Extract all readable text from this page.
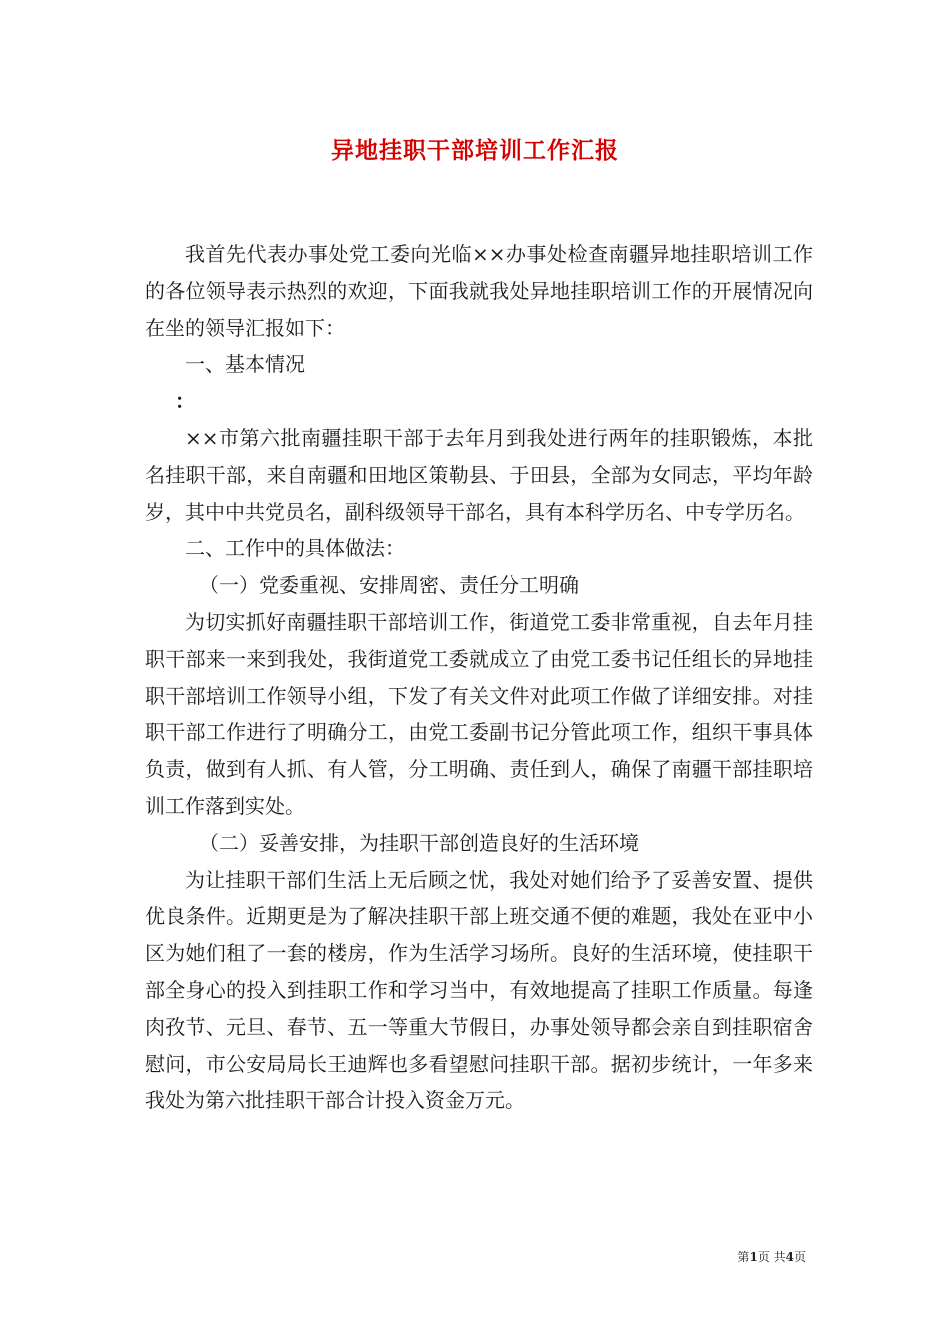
异地挂职干部培训工作汇报

我首先代表办事处党工委向光临××办事处检查南疆异地挂职培训工作的各位领导表示热烈的欢迎，下面我就我处异地挂职培训工作的开展情况向在坐的领导汇报如下：

一、基本情况

：

××市第六批南疆挂职干部于去年月到我处进行两年的挂职锻炼，本批名挂职干部，来自南疆和田地区策勒县、于田县，全部为女同志，平均年龄岁，其中中共党员名，副科级领导干部名，具有本科学历名、中专学历名。

二、工作中的具体做法：

（一）党委重视、安排周密、责任分工明确

为切实抓好南疆挂职干部培训工作，街道党工委非常重视，自去年月挂职干部来一来到我处，我街道党工委就成立了由党工委书记任组长的异地挂职干部培训工作领导小组，下发了有关文件对此项工作做了详细安排。对挂职干部工作进行了明确分工，由党工委副书记分管此项工作，组织干事具体负责，做到有人抓、有人管，分工明确、责任到人，确保了南疆干部挂职培训工作落到实处。

（二）妥善安排，为挂职干部创造良好的生活环境

为让挂职干部们生活上无后顾之忧，我处对她们给予了妥善安置、提供优良条件。近期更是为了解决挂职干部上班交通不便的难题，我处在亚中小区为她们租了一套的楼房，作为生活学习场所。良好的生活环境，使挂职干部全身心的投入到挂职工作和学习当中，有效地提高了挂职工作质量。每逢肉孜节、元旦、春节、五一等重大节假日，办事处领导都会亲自到挂职宿舍慰问，市公安局局长王迪辉也多看望慰问挂职干部。据初步统计，一年多来我处为第六批挂职干部合计投入资金万元。

第1页 共4页
